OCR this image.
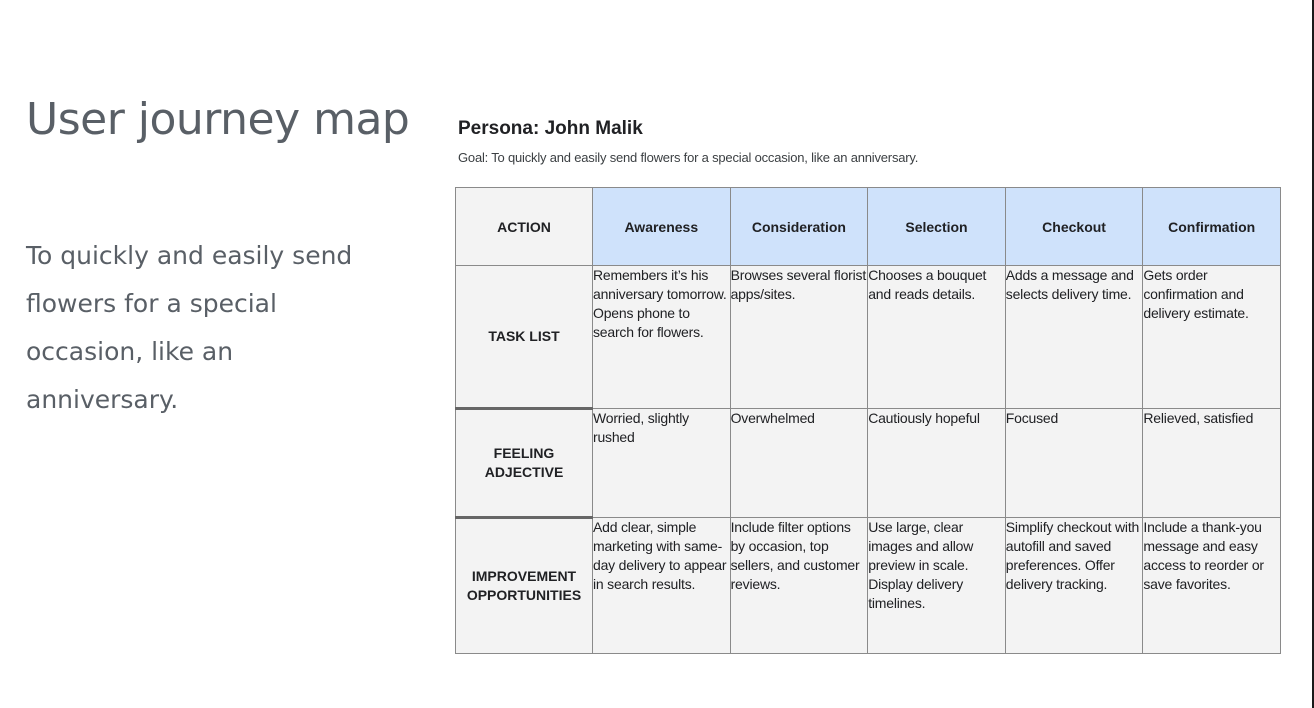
User journey map

To quickly and easily send flowers for a special occasion, like an anniversary.

Persona: John Malik

Goal: To quickly and easily send flowers for a special occasion, like an anniversary.

ACTION	Awareness	Consideration	Selection	Checkout	Confirmation
TASK LIST	Remembers it’s his anniversary tomorrow. Opens phone to search for flowers.	Browses several florist apps/sites.	Chooses a bouquet and reads details.	Adds a message and selects delivery time.	Gets order confirmation and delivery estimate.
FEELING
ADJECTIVE	Worried, slightly rushed	Overwhelmed	Cautiously hopeful	Focused	Relieved, satisfied
IMPROVEMENT
OPPORTUNITIES	Add clear, simple marketing with same-day delivery to appear in search results.	Include filter options by occasion, top sellers, and customer reviews.	Use large, clear images and allow preview in scale. Display delivery timelines.	Simplify checkout with autofill and saved preferences. Offer delivery tracking.	Include a thank-you message and easy access to reorder or save favorites.
